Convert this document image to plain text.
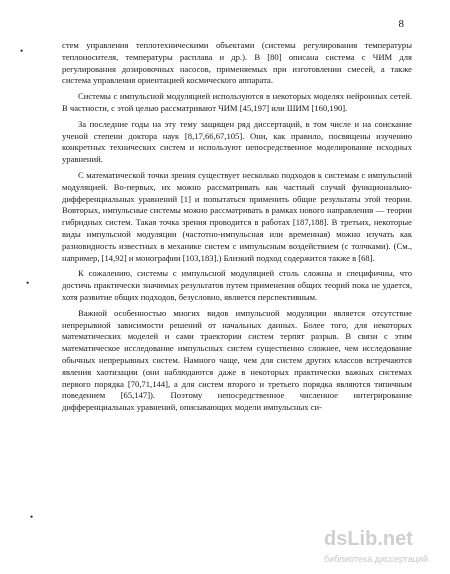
8
•
•
•

стем управления теплотехническими объектами (системы регулирования температуры теплоносителя, температуры расплава и др.). В [80] описана система с ЧИМ для регулирования дозировочных насосов, применяемых при изготовлении смесей, а также система управления ориентацией космического аппарата.

Системы с импульсной модуляцией используются в некоторых моделях нейронных сетей. В частности, с этой целью рассматривают ЧИМ [45,197] или ШИМ [160,190].

За последние годы на эту тему защищен ряд диссертаций, в том числе и на соискание ученой степени доктора наук [8,17,66,67,105]. Они, как правило, посвящены изучению конкретных технических систем и используют непосредственное моделирование исходных уравнений.

С математической точки зрения существует несколько подходов к системам с импульсной модуляцией. Во-первых, их можно рассматривать как частный случай функционально-дифференциальных уравнений [1] и попытаться применить общие результаты этой теории. Вовторых, импульсные системы можно рассматривать в рамках нового направления — теории гибридных систем. Такая точка зрения проводится в работах [187,188]. В третьих, некоторые виды импульсной модуляции (частотно-импульсная или временная) можно изучать как разновидность известных в механике систем с импульсным воздействием (с толчками). (См., например, [14,92] и монографии [103,183].) Близкий подход содержится также в [68].

К сожалению, системы с импульсной модуляцией столь сложны и специфичны, что достичь практически значимых результатов путем применения общих теорий пока не удается, хотя развитие общих подходов, безусловно, является перспективным.

Важной особенностью многих видов импульсной модуляции является отсутствие непрерывной зависимости решений от начальных данных. Более того, для некоторых математических моделей и сами траектории систем терпят разрыв. В связи с этим математическое исследование импульсных систем существенно сложнее, чем исследование обычных непрерывных систем. Намного чаще, чем для систем других классов встречаются явления хаотизации (они наблюдаются даже в некоторых практически важных системах первого порядка [70,71,144], а для систем второго и третьего порядка являются типичным поведением [65,147]). Поэтому непосредственное численное интегрирование дифференциальных уравнений, описывающих модели импульсных си-

dsLib.net
библиотека диссертаций
